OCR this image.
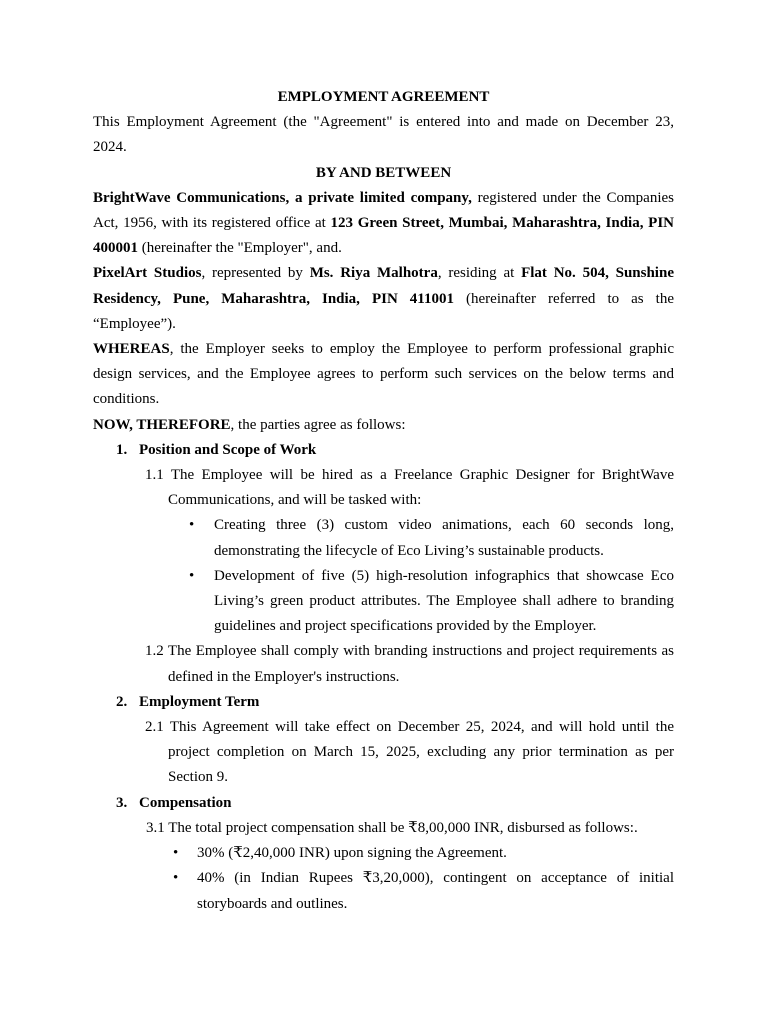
EMPLOYMENT AGREEMENT

This Employment Agreement (the "Agreement" is entered into and made on December 23, 2024.

BY AND BETWEEN

BrightWave Communications, a private limited company, registered under the Companies Act, 1956, with its registered office at 123 Green Street, Mumbai, Maharashtra, India, PIN 400001 (hereinafter the "Employer", and.

PixelArt Studios, represented by Ms. Riya Malhotra, residing at Flat No. 504, Sunshine Residency, Pune, Maharashtra, India, PIN 411001 (hereinafter referred to as the “Employee”).

WHEREAS, the Employer seeks to employ the Employee to perform professional graphic design services, and the Employee agrees to perform such services on the below terms and conditions.

NOW, THEREFORE, the parties agree as follows:

1. Position and Scope of Work

1.1 The Employee will be hired as a Freelance Graphic Designer for BrightWave Communications, and will be tasked with:

• Creating three (3) custom video animations, each 60 seconds long, demonstrating the lifecycle of Eco Living’s sustainable products.
• Development of five (5) high-resolution infographics that showcase Eco Living’s green product attributes. The Employee shall adhere to branding guidelines and project specifications provided by the Employer.

1.2 The Employee shall comply with branding instructions and project requirements as defined in the Employer's instructions.

2. Employment Term

2.1 This Agreement will take effect on December 25, 2024, and will hold until the project completion on March 15, 2025, excluding any prior termination as per Section 9.

3. Compensation

3.1 The total project compensation shall be ₹8,00,000 INR, disbursed as follows:.

• 30% (₹2,40,000 INR) upon signing the Agreement.
• 40% (in Indian Rupees ₹3,20,000), contingent on acceptance of initial storyboards and outlines.
